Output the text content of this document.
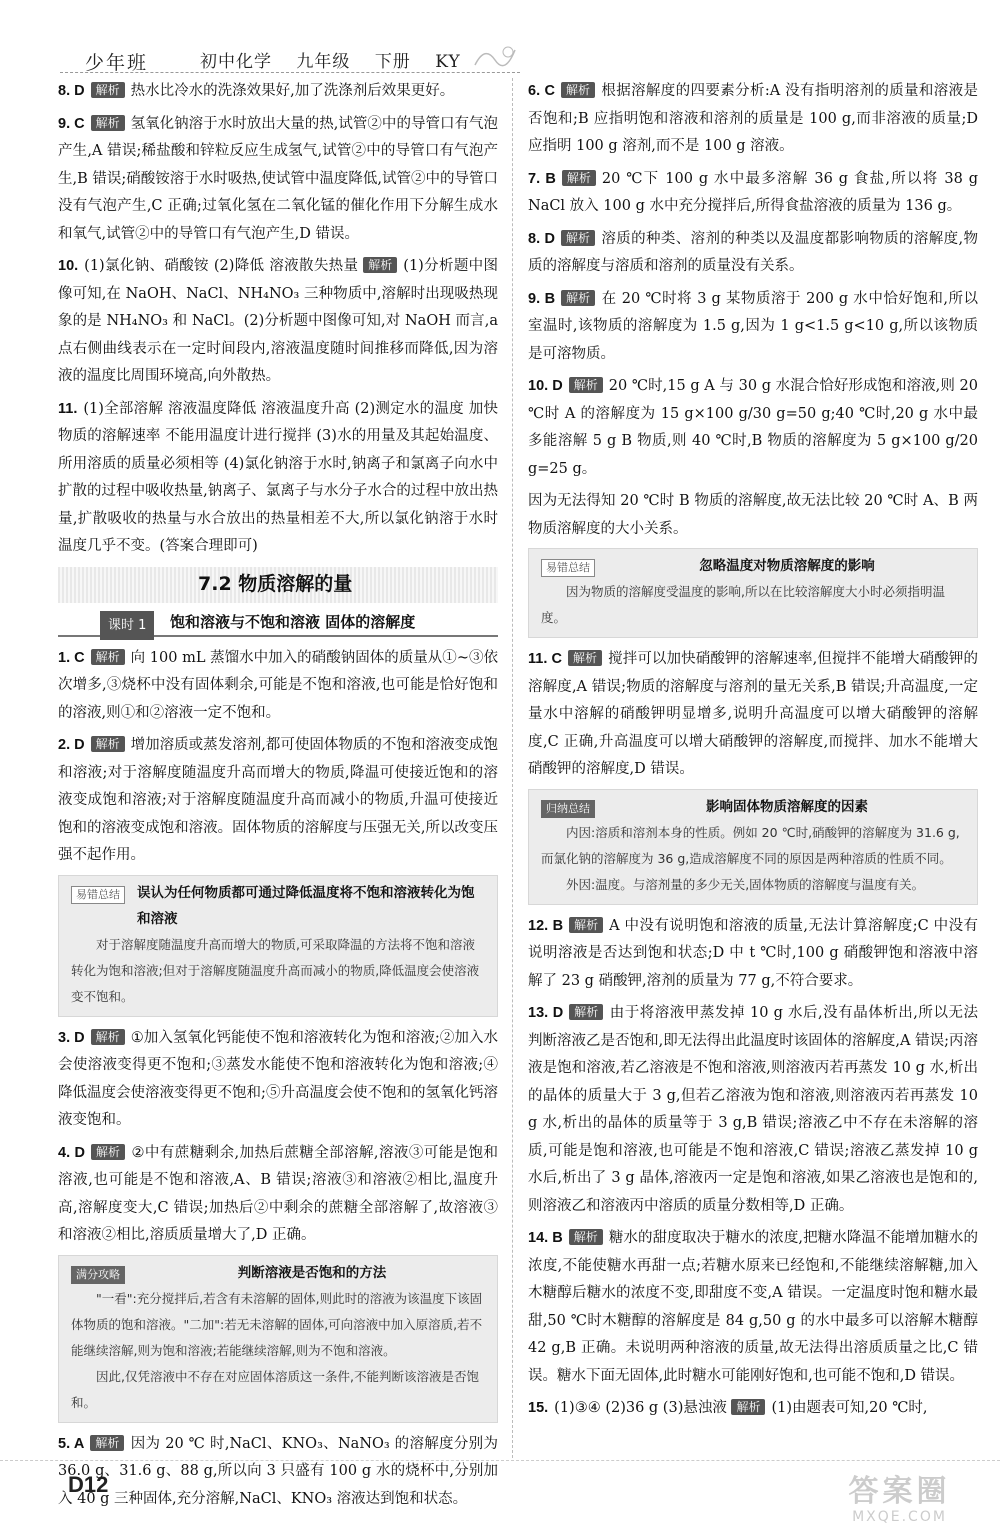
少年班	初中化学 九年级 下册 KY
8. D 解析 热水比冷水的洗涤效果好,加了洗涤剂后效果更好。
9. C 解析 氢氧化钠溶于水时放出大量的热,试管②中的导管口有气泡产生,A 错误;稀盐酸和锌粒反应生成氢气,试管②中的导管口有气泡产生,B 错误;硝酸铵溶于水时吸热,使试管中温度降低,试管②中的导管口没有气泡产生,C 正确;过氧化氢在二氧化锰的催化作用下分解生成水和氧气,试管②中的导管口有气泡产生,D 错误。
10. (1)氯化钠、硝酸铵 (2)降低 溶液散失热量 解析 (1)分析题中图像可知,在 NaOH、NaCl、NH₄NO₃ 三种物质中,溶解时出现吸热现象的是 NH₄NO₃ 和 NaCl。(2)分析题中图像可知,对 NaOH 而言,a 点右侧曲线表示在一定时间段内,溶液温度随时间推移而降低,因为溶液的温度比周围环境高,向外散热。
11. (1)全部溶解 溶液温度降低 溶液温度升高 (2)测定水的温度 加快物质的溶解速率 不能用温度计进行搅拌 (3)水的用量及其起始温度、所用溶质的质量必须相等 (4)氯化钠溶于水时,钠离子和氯离子向水中扩散的过程中吸收热量,钠离子、氯离子与水分子水合的过程中放出热量,扩散吸收的热量与水合放出的热量相差不大,所以氯化钠溶于水时温度几乎不变。(答案合理即可)
7.2 物质溶解的量
课时 1	饱和溶液与不饱和溶液 固体的溶解度
1. C 解析 向 100 mL 蒸馏水中加入的硝酸钠固体的质量从①~③依次增多,③烧杯中没有固体剩余,可能是不饱和溶液,也可能是恰好饱和的溶液,则①和②溶液一定不饱和。
2. D 解析 增加溶质或蒸发溶剂,都可使固体物质的不饱和溶液变成饱和溶液;对于溶解度随温度升高而增大的物质,降温可使接近饱和的溶液变成饱和溶液;对于溶解度随温度升高而减小的物质,升温可使接近饱和的溶液变成饱和溶液。固体物质的溶解度与压强无关,所以改变压强不起作用。
易错总结	误认为任何物质都可通过降低温度将不饱和溶液转化为饱和溶液
对于溶解度随温度升高而增大的物质,可采取降温的方法将不饱和溶液转化为饱和溶液;但对于溶解度随温度升高而减小的物质,降低温度会使溶液变不饱和。
3. D 解析 ①加入氢氧化钙能使不饱和溶液转化为饱和溶液;②加入水会使溶液变得更不饱和;③蒸发水能使不饱和溶液转化为饱和溶液;④降低温度会使溶液变得更不饱和;⑤升高温度会使不饱和的氢氧化钙溶液变饱和。
4. D 解析 ②中有蔗糖剩余,加热后蔗糖全部溶解,溶液③可能是饱和溶液,也可能是不饱和溶液,A、B 错误;溶液③和溶液②相比,温度升高,溶解度变大,C 错误;加热后②中剩余的蔗糖全部溶解了,故溶液③和溶液②相比,溶质质量增大了,D 正确。
满分攻略	判断溶液是否饱和的方法
"一看":充分搅拌后,若含有未溶解的固体,则此时的溶液为该温度下该固体物质的饱和溶液。"二加":若无未溶解的固体,可向溶液中加入原溶质,若不能继续溶解,则为饱和溶液;若能继续溶解,则为不饱和溶液。
因此,仅凭溶液中不存在对应固体溶质这一条件,不能判断该溶液是否饱和。
5. A 解析 因为 20 ℃ 时,NaCl、KNO₃、NaNO₃ 的溶解度分别为 36.0 g、31.6 g、88 g,所以向 3 只盛有 100 g 水的烧杯中,分别加入 40 g 三种固体,充分溶解,NaCl、KNO₃ 溶液达到饱和状态。
6. C 解析 根据溶解度的四要素分析:A 没有指明溶剂的质量和溶液是否饱和;B 应指明饱和溶液和溶剂的质量是 100 g,而非溶液的质量;D 应指明 100 g 溶剂,而不是 100 g 溶液。
7. B 解析 20 ℃下 100 g 水中最多溶解 36 g 食盐,所以将 38 g NaCl 放入 100 g 水中充分搅拌后,所得食盐溶液的质量为 136 g。
8. D 解析 溶质的种类、溶剂的种类以及温度都影响物质的溶解度,物质的溶解度与溶质和溶剂的质量没有关系。
9. B 解析 在 20 ℃时将 3 g 某物质溶于 200 g 水中恰好饱和,所以室温时,该物质的溶解度为 1.5 g,因为 1 g<1.5 g<10 g,所以该物质是可溶物质。
10. D 解析 20 ℃时,15 g A 与 30 g 水混合恰好形成饱和溶液,则 20 ℃时 A 的溶解度为 15 g×100 g/30 g=50 g;40 ℃时,20 g 水中最多能溶解 5 g B 物质,则 40 ℃时,B 物质的溶解度为 5 g×100 g/20 g=25 g。
因为无法得知 20 ℃时 B 物质的溶解度,故无法比较 20 ℃时 A、B 两物质溶解度的大小关系。
易错总结	忽略温度对物质溶解度的影响
因为物质的溶解度受温度的影响,所以在比较溶解度大小时必须指明温度。
11. C 解析 搅拌可以加快硝酸钾的溶解速率,但搅拌不能增大硝酸钾的溶解度,A 错误;物质的溶解度与溶剂的量无关系,B 错误;升高温度,一定量水中溶解的硝酸钾明显增多,说明升高温度可以增大硝酸钾的溶解度,C 正确,升高温度可以增大硝酸钾的溶解度,而搅拌、加水不能增大硝酸钾的溶解度,D 错误。
归纳总结	影响固体物质溶解度的因素
内因:溶质和溶剂本身的性质。例如 20 ℃时,硝酸钾的溶解度为 31.6 g,而氯化钠的溶解度为 36 g,造成溶解度不同的原因是两种溶质的性质不同。
外因:温度。与溶剂量的多少无关,固体物质的溶解度与温度有关。
12. B 解析 A 中没有说明饱和溶液的质量,无法计算溶解度;C 中没有说明溶液是否达到饱和状态;D 中 t ℃时,100 g 硝酸钾饱和溶液中溶解了 23 g 硝酸钾,溶剂的质量为 77 g,不符合要求。
13. D 解析 由于将溶液甲蒸发掉 10 g 水后,没有晶体析出,所以无法判断溶液乙是否饱和,即无法得出此温度时该固体的溶解度,A 错误;丙溶液是饱和溶液,若乙溶液是不饱和溶液,则溶液丙若再蒸发 10 g 水,析出的晶体的质量大于 3 g,但若乙溶液为饱和溶液,则溶液丙若再蒸发 10 g 水,析出的晶体的质量等于 3 g,B 错误;溶液乙中不存在未溶解的溶质,可能是饱和溶液,也可能是不饱和溶液,C 错误;溶液乙蒸发掉 10 g 水后,析出了 3 g 晶体,溶液丙一定是饱和溶液,如果乙溶液也是饱和的,则溶液乙和溶液丙中溶质的质量分数相等,D 正确。
14. B 解析 糖水的甜度取决于糖水的浓度,把糖水降温不能增加糖水的浓度,不能使糖水再甜一点;若糖水原来已经饱和,不能继续溶解糖,加入木糖醇后糖水的浓度不变,即甜度不变,A 错误。一定温度时饱和糖水最甜,50 ℃时木糖醇的溶解度是 84 g,50 g 的水中最多可以溶解木糖醇 42 g,B 正确。未说明两种溶液的质量,故无法得出溶质质量之比,C 错误。糖水下面无固体,此时糖水可能刚好饱和,也可能不饱和,D 错误。
15. (1)③④ (2)36 g (3)悬浊液 解析 (1)由题表可知,20 ℃时,
D12	答案圈
MXQE.COM
